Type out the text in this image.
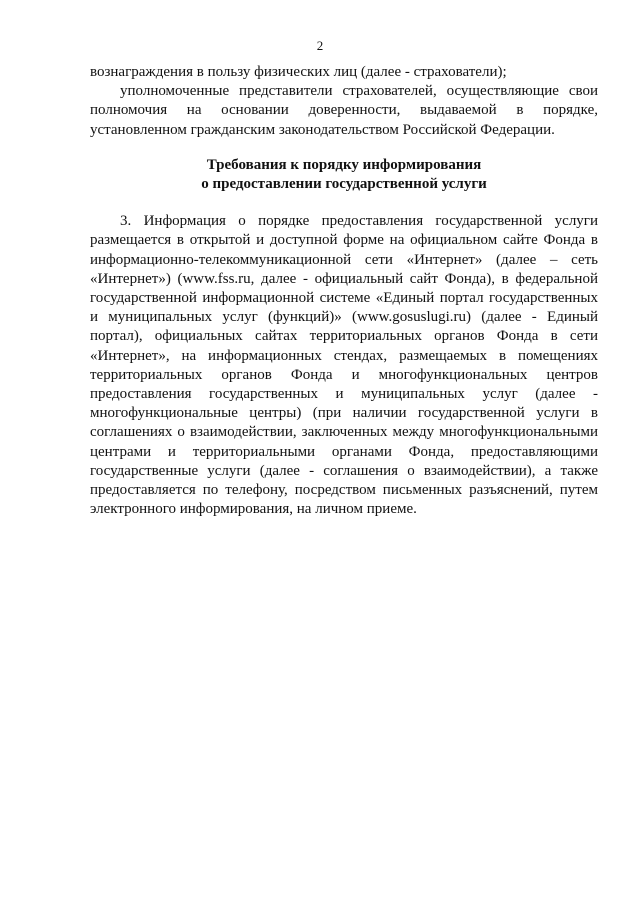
2

вознаграждения в пользу физических лиц (далее - страхователи);

уполномоченные представители страхователей, осуществляющие свои полномочия на основании доверенности, выдаваемой в порядке, установленном гражданским законодательством Российской Федерации.

Требования к порядку информирования
о предоставлении государственной услуги

3. Информация о порядке предоставления государственной услуги размещается в открытой и доступной форме на официальном сайте Фонда в информационно-телекоммуникационной сети «Интернет» (далее – сеть «Интернет») (www.fss.ru, далее - официальный сайт Фонда), в федеральной государственной информационной системе «Единый портал государственных и муниципальных услуг (функций)» (www.gosuslugi.ru) (далее - Единый портал), официальных сайтах территориальных органов Фонда в сети «Интернет», на информационных стендах, размещаемых в помещениях территориальных органов Фонда и многофункциональных центров предоставления государственных и муниципальных услуг (далее - многофункциональные центры) (при наличии государственной услуги в соглашениях о взаимодействии, заключенных между многофункциональными центрами и территориальными органами Фонда, предоставляющими государственные услуги (далее - соглашения о взаимодействии), а также предоставляется по телефону, посредством письменных разъяснений, путем электронного информирования, на личном приеме.
